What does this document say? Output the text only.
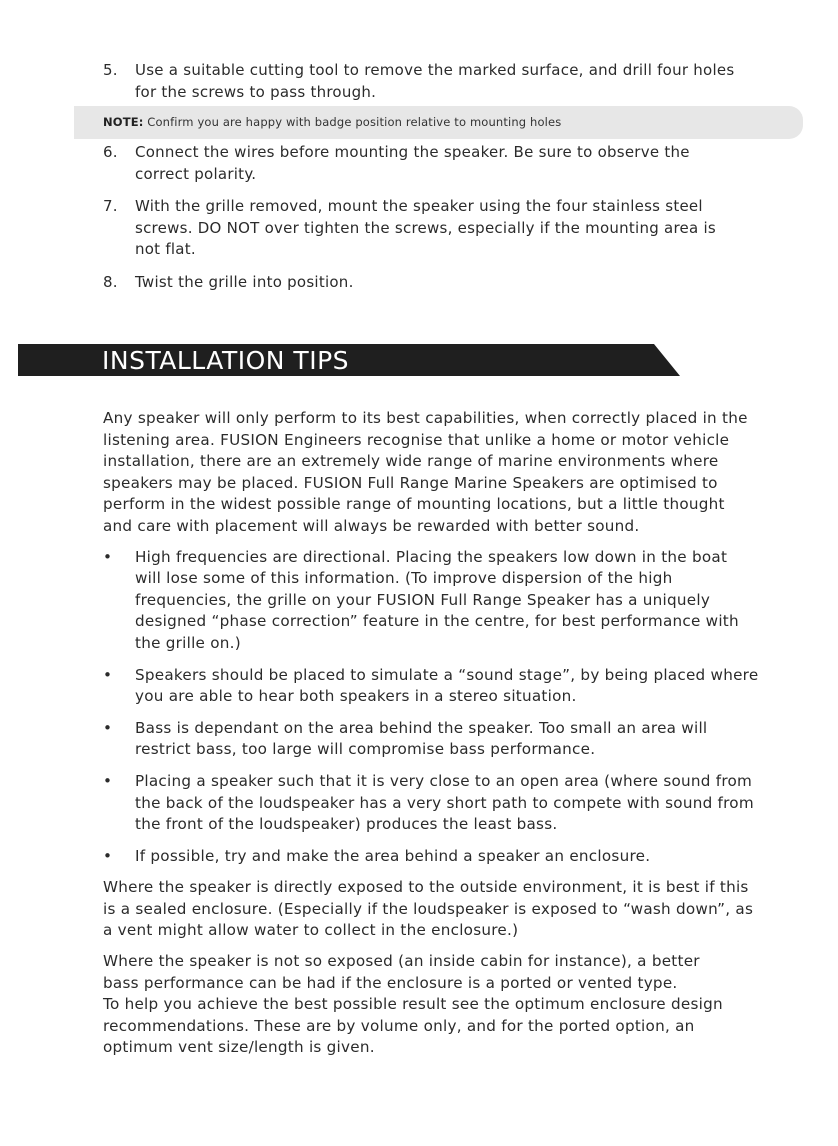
5.	Use a suitable cutting tool to remove the marked surface, and drill four holes
for the screws to pass through.
NOTE: Confirm you are happy with badge position relative to mounting holes
6.	Connect the wires before mounting the speaker. Be sure to observe the
correct polarity.
7.	With the grille removed, mount the speaker using the four stainless steel
screws. DO NOT over tighten the screws, especially if the mounting area is
not flat.
8.	Twist the grille into position.
INSTALLATION TIPS

Any speaker will only perform to its best capabilities, when correctly placed in the
listening area. FUSION Engineers recognise that unlike a home or motor vehicle
installation, there are an extremely wide range of marine environments where
speakers may be placed. FUSION Full Range Marine Speakers are optimised to
perform in the widest possible range of mounting locations, but a little thought
and care with placement will always be rewarded with better sound.

•	High frequencies are directional. Placing the speakers low down in the boat
will lose some of this information. (To improve dispersion of the high
frequencies, the grille on your FUSION Full Range Speaker has a uniquely
designed “phase correction” feature in the centre, for best performance with
the grille on.)
•	Speakers should be placed to simulate a “sound stage”, by being placed where
you are able to hear both speakers in a stereo situation.
•	Bass is dependant on the area behind the speaker. Too small an area will
restrict bass, too large will compromise bass performance.
•	Placing a speaker such that it is very close to an open area (where sound from
the back of the loudspeaker has a very short path to compete with sound from
the front of the loudspeaker) produces the least bass.
•	If possible, try and make the area behind a speaker an enclosure.

Where the speaker is directly exposed to the outside environment, it is best if this
is a sealed enclosure. (Especially if the loudspeaker is exposed to “wash down”, as
a vent might allow water to collect in the enclosure.)

Where the speaker is not so exposed (an inside cabin for instance), a better
bass performance can be had if the enclosure is a ported or vented type.
To help you achieve the best possible result see the optimum enclosure design
recommendations. These are by volume only, and for the ported option, an
optimum vent size/length is given.
